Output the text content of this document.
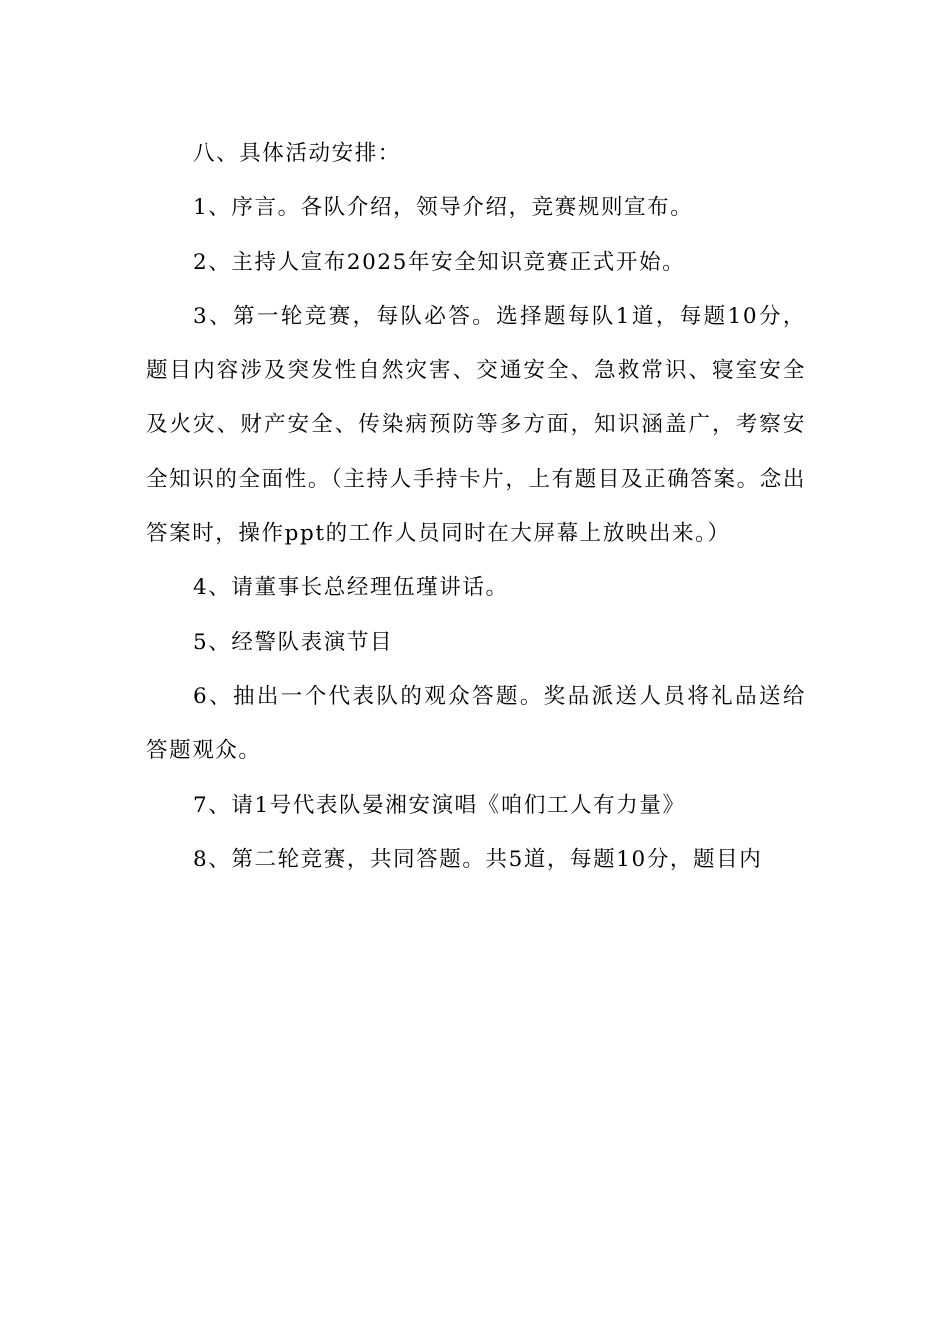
八、具体活动安排：

1、序言。各队介绍，领导介绍，竞赛规则宣布。

2、主持人宣布2025年安全知识竞赛正式开始。

3、第一轮竞赛，每队必答。选择题每队1道，每题10分，题目内容涉及突发性自然灾害、交通安全、急救常识、寝室安全及火灾、财产安全、传染病预防等多方面，知识涵盖广，考察安全知识的全面性。（主持人手持卡片，上有题目及正确答案。念出答案时，操作ppt的工作人员同时在大屏幕上放映出来。）

4、请董事长总经理伍瑾讲话。

5、经警队表演节目

6、抽出一个代表队的观众答题。奖品派送人员将礼品送给答题观众。

7、请1号代表队晏湘安演唱《咱们工人有力量》

8、第二轮竞赛，共同答题。共5道，每题10分，题目内
